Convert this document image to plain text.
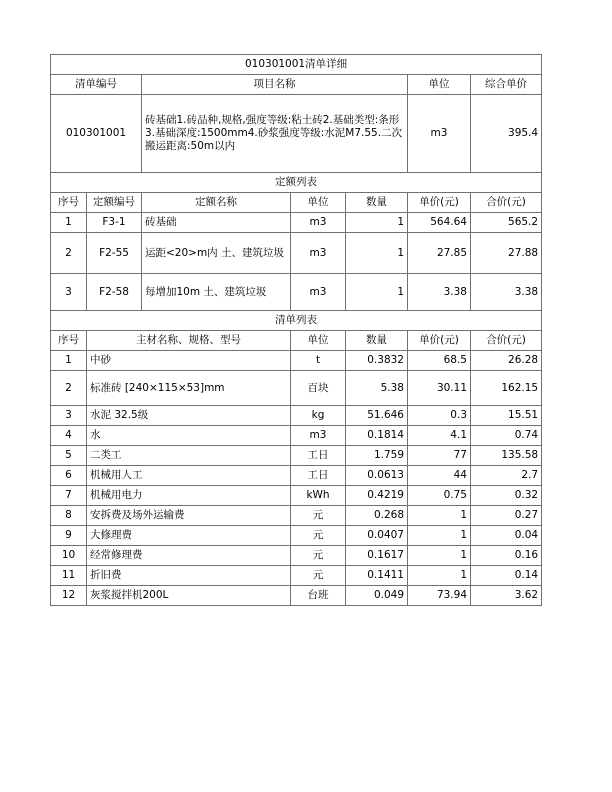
010301001清单详细						
清单编号		项目名称			单位	综合单价
010301001		砖基础1.砖品种,规格,强度等级:粘土砖2.基础类型:条形3.基础深度:1500mm4.砂浆强度等级:水泥M7.55.二次搬运距离:50m以内			m3	395.4
定额列表						
序号	定额编号	定额名称	单位	数量	单价(元)	合价(元)
1	F3-1	砖基础	m3	1	564.64	565.2
2	F2-55	运距<20>m内 土、建筑垃圾	m3	1	27.85	27.88
3	F2-58	每增加10m 土、建筑垃圾	m3	1	3.38	3.38
清单列表						
序号	主材名称、规格、型号		单位	数量	单价(元)	合价(元)
1	中砂		t	0.3832	68.5	26.28
2	标准砖 [240×115×53]mm		百块	5.38	30.11	162.15
3	水泥 32.5级		kg	51.646	0.3	15.51
4	水		m3	0.1814	4.1	0.74
5	二类工		工日	1.759	77	135.58
6	机械用人工		工日	0.0613	44	2.7
7	机械用电力		kWh	0.4219	0.75	0.32
8	安拆费及场外运输费		元	0.268	1	0.27
9	大修理费		元	0.0407	1	0.04
10	经常修理费		元	0.1617	1	0.16
11	折旧费		元	0.1411	1	0.14
12	灰浆搅拌机200L		台班	0.049	73.94	3.62
